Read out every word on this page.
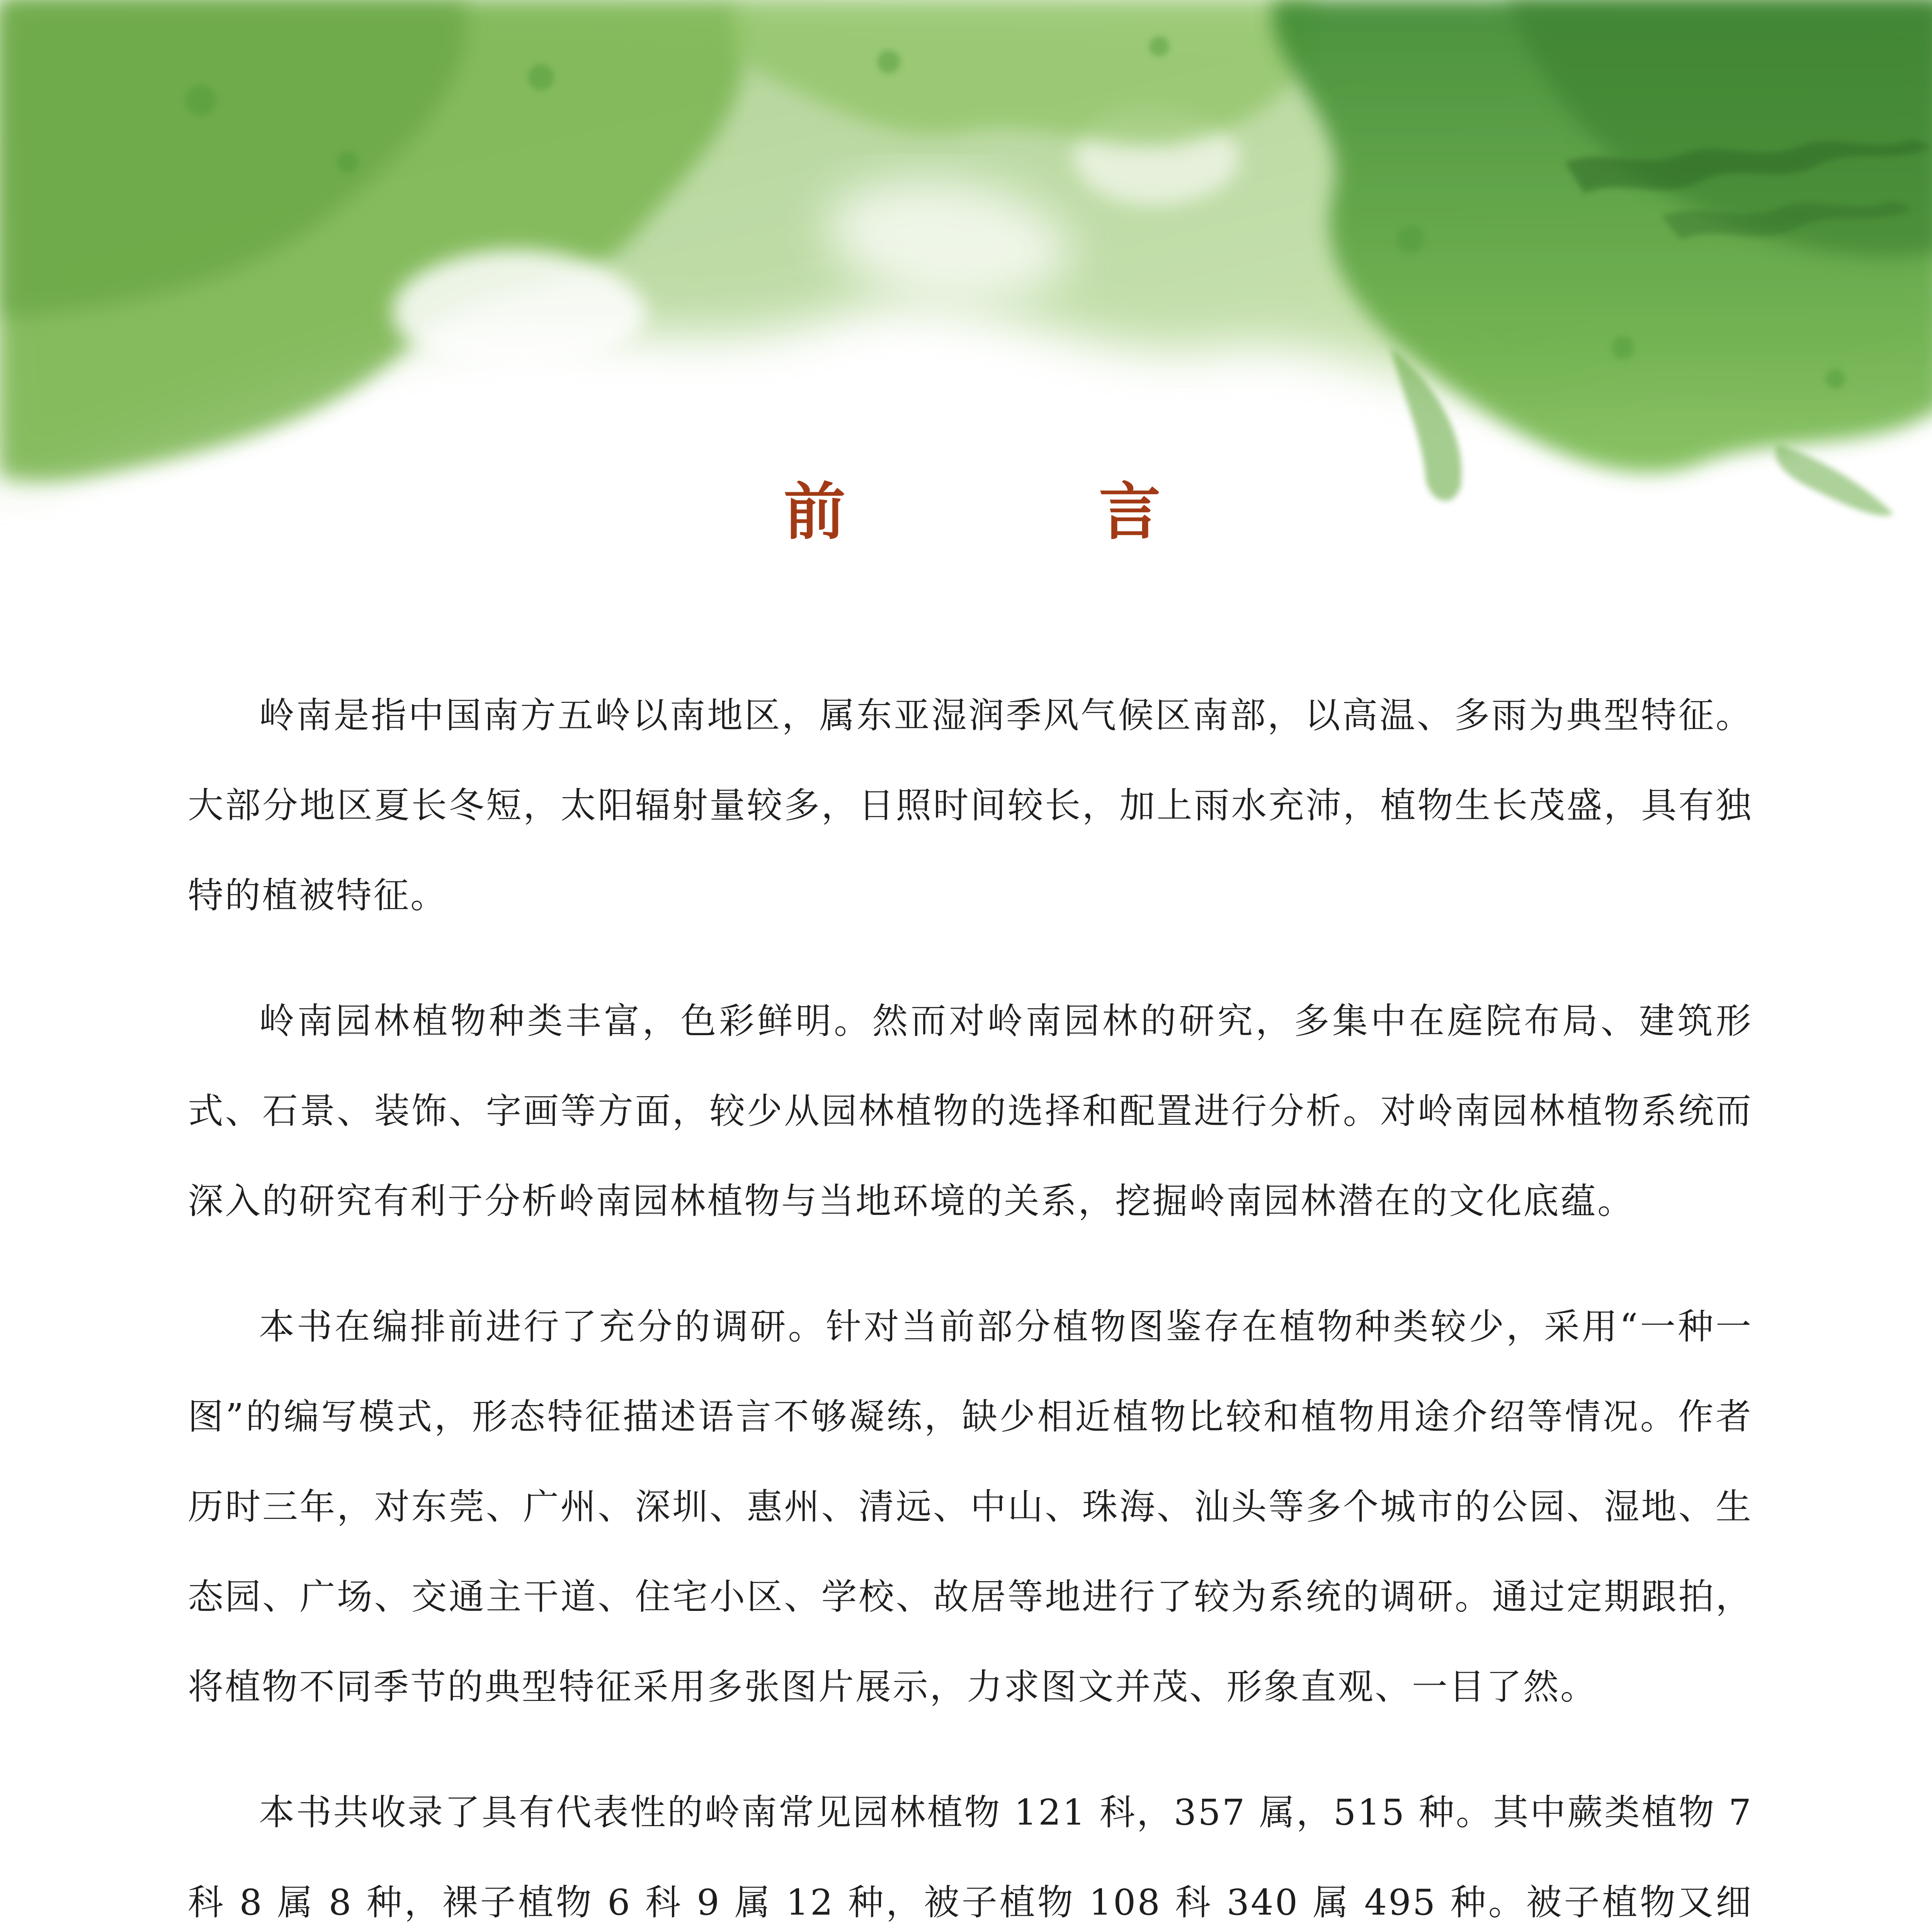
前 言

岭南是指中国南方五岭以南地区，属东亚湿润季风气候区南部，以高温、多雨为典型特征。大部分地区夏长冬短，太阳辐射量较多，日照时间较长，加上雨水充沛，植物生长茂盛，具有独特的植被特征。

岭南园林植物种类丰富，色彩鲜明。然而对岭南园林的研究，多集中在庭院布局、建筑形式、石景、装饰、字画等方面，较少从园林植物的选择和配置进行分析。对岭南园林植物系统而深入的研究有利于分析岭南园林植物与当地环境的关系，挖掘岭南园林潜在的文化底蕴。

本书在编排前进行了充分的调研。针对当前部分植物图鉴存在植物种类较少，采用“一种一图”的编写模式，形态特征描述语言不够凝练，缺少相近植物比较和植物用途介绍等情况。作者历时三年，对东莞、广州、深圳、惠州、清远、中山、珠海、汕头等多个城市的公园、湿地、生态园、广场、交通主干道、住宅小区、学校、故居等地进行了较为系统的调研。通过定期跟拍，将植物不同季节的典型特征采用多张图片展示，力求图文并茂、形象直观、一目了然。

本书共收录了具有代表性的岭南常见园林植物 121 科，357 属，515 种。其中蕨类植物 7 科 8 属 8 种，裸子植物 6 科 9 属 12 种，被子植物 108 科 340 属 495 种。被子植物又细
